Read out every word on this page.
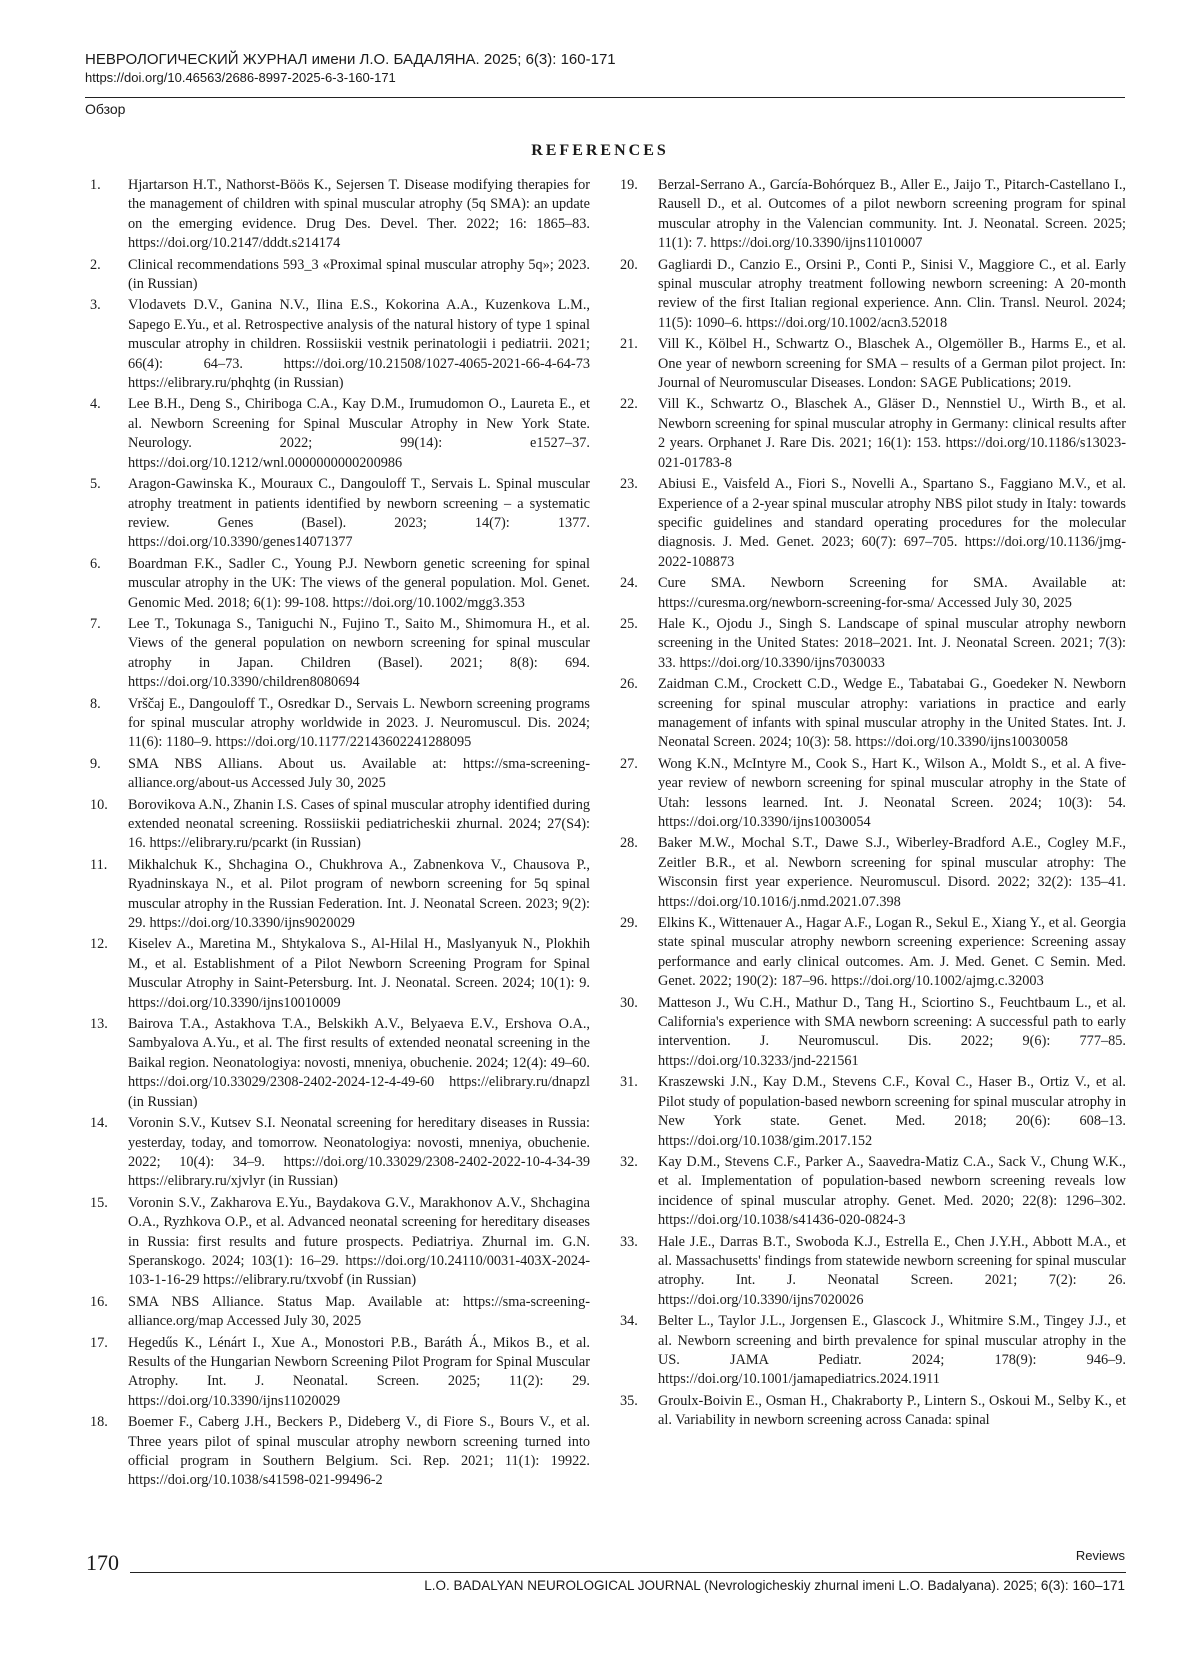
НЕВРОЛОГИЧЕСКИЙ ЖУРНАЛ имени Л.О. БАДАЛЯНА. 2025; 6(3): 160-171
https://doi.org/10.46563/2686-8997-2025-6-3-160-171
Обзор
REFERENCES
1.	Hjartarson H.T., Nathorst-Böös K., Sejersen T. Disease modifying therapies for the management of children with spinal muscular atrophy (5q SMA): an update on the emerging evidence. Drug Des. Devel. Ther. 2022; 16: 1865–83. https://doi.org/10.2147/dddt.s214174
2.	Clinical recommendations 593_3 «Proximal spinal muscular atrophy 5q»; 2023. (in Russian)
3.	Vlodavets D.V., Ganina N.V., Ilina E.S., Kokorina A.A., Kuzenkova L.M., Sapego E.Yu., et al. Retrospective analysis of the natural history of type 1 spinal muscular atrophy in children. Rossiiskii vestnik perinatologii i pediatrii. 2021; 66(4): 64–73. https://doi.org/10.21508/1027-4065-2021-66-4-64-73 https://elibrary.ru/phqhtg (in Russian)
4.	Lee B.H., Deng S., Chiriboga C.A., Kay D.M., Irumudomon O., Laureta E., et al. Newborn Screening for Spinal Muscular Atrophy in New York State. Neurology. 2022; 99(14): e1527–37. https://doi.org/10.1212/wnl.0000000000200986
5.	Aragon-Gawinska K., Mouraux C., Dangouloff T., Servais L. Spinal muscular atrophy treatment in patients identified by newborn screening – a systematic review. Genes (Basel). 2023; 14(7): 1377. https://doi.org/10.3390/genes14071377
6.	Boardman F.K., Sadler C., Young P.J. Newborn genetic screening for spinal muscular atrophy in the UK: The views of the general population. Mol. Genet. Genomic Med. 2018; 6(1): 99-108. https://doi.org/10.1002/mgg3.353
7.	Lee T., Tokunaga S., Taniguchi N., Fujino T., Saito M., Shimomura H., et al. Views of the general population on newborn screening for spinal muscular atrophy in Japan. Children (Basel). 2021; 8(8): 694. https://doi.org/10.3390/children8080694
8.	Vrščaj E., Dangouloff T., Osredkar D., Servais L. Newborn screening programs for spinal muscular atrophy worldwide in 2023. J. Neuromuscul. Dis. 2024; 11(6): 1180–9. https://doi.org/10.1177/22143602241288095
9.	SMA NBS Allians. About us. Available at: https://sma-screening-alliance.org/about-us Accessed July 30, 2025
10.	Borovikova A.N., Zhanin I.S. Cases of spinal muscular atrophy identified during extended neonatal screening. Rossiiskii pediatricheskii zhurnal. 2024; 27(S4): 16. https://elibrary.ru/pcarkt (in Russian)
11.	Mikhalchuk K., Shchagina O., Chukhrova A., Zabnenkova V., Chausova P., Ryadninskaya N., et al. Pilot program of newborn screening for 5q spinal muscular atrophy in the Russian Federation. Int. J. Neonatal Screen. 2023; 9(2): 29. https://doi.org/10.3390/ijns9020029
12.	Kiselev A., Maretina M., Shtykalova S., Al-Hilal H., Maslyanyuk N., Plokhih M., et al. Establishment of a Pilot Newborn Screening Program for Spinal Muscular Atrophy in Saint-Petersburg. Int. J. Neonatal. Screen. 2024; 10(1): 9. https://doi.org/10.3390/ijns10010009
13.	Bairova T.A., Astakhova T.A., Belskikh A.V., Belyaeva E.V., Ershova O.A., Sambyalova A.Yu., et al. The first results of extended neonatal screening in the Baikal region. Neonatologiya: novosti, mneniya, obuchenie. 2024; 12(4): 49–60. https://doi.org/10.33029/2308-2402-2024-12-4-49-60 https://elibrary.ru/dnapzl (in Russian)
14.	Voronin S.V., Kutsev S.I. Neonatal screening for hereditary diseases in Russia: yesterday, today, and tomorrow. Neonatologiya: novosti, mneniya, obuchenie. 2022; 10(4): 34–9. https://doi.org/10.33029/2308-2402-2022-10-4-34-39 https://elibrary.ru/xjvlyr (in Russian)
15.	Voronin S.V., Zakharova E.Yu., Baydakova G.V., Marakhonov A.V., Shchagina O.A., Ryzhkova O.P., et al. Advanced neonatal screening for hereditary diseases in Russia: first results and future prospects. Pediatriya. Zhurnal im. G.N. Speranskogo. 2024; 103(1): 16–29. https://doi.org/10.24110/0031-403X-2024-103-1-16-29 https://elibrary.ru/txvobf (in Russian)
16.	SMA NBS Alliance. Status Map. Available at: https://sma-screening-alliance.org/map Accessed July 30, 2025
17.	Hegedűs K., Lénárt I., Xue A., Monostori P.B., Baráth Á., Mikos B., et al. Results of the Hungarian Newborn Screening Pilot Program for Spinal Muscular Atrophy. Int. J. Neonatal. Screen. 2025; 11(2): 29. https://doi.org/10.3390/ijns11020029
18.	Boemer F., Caberg J.H., Beckers P., Dideberg V., di Fiore S., Bours V., et al. Three years pilot of spinal muscular atrophy newborn screening turned into official program in Southern Belgium. Sci. Rep. 2021; 11(1): 19922. https://doi.org/10.1038/s41598-021-99496-2
19.	Berzal-Serrano A., García-Bohórquez B., Aller E., Jaijo T., Pitarch-Castellano I., Rausell D., et al. Outcomes of a pilot newborn screening program for spinal muscular atrophy in the Valencian community. Int. J. Neonatal. Screen. 2025; 11(1): 7. https://doi.org/10.3390/ijns11010007
20.	Gagliardi D., Canzio E., Orsini P., Conti P., Sinisi V., Maggiore C., et al. Early spinal muscular atrophy treatment following newborn screening: A 20-month review of the first Italian regional experience. Ann. Clin. Transl. Neurol. 2024; 11(5): 1090–6. https://doi.org/10.1002/acn3.52018
21.	Vill K., Kölbel H., Schwartz O., Blaschek A., Olgemöller B., Harms E., et al. One year of newborn screening for SMA – results of a German pilot project. In: Journal of Neuromuscular Diseases. London: SAGE Publications; 2019.
22.	Vill K., Schwartz O., Blaschek A., Gläser D., Nennstiel U., Wirth B., et al. Newborn screening for spinal muscular atrophy in Germany: clinical results after 2 years. Orphanet J. Rare Dis. 2021; 16(1): 153. https://doi.org/10.1186/s13023-021-01783-8
23.	Abiusi E., Vaisfeld A., Fiori S., Novelli A., Spartano S., Faggiano M.V., et al. Experience of a 2-year spinal muscular atrophy NBS pilot study in Italy: towards specific guidelines and standard operating procedures for the molecular diagnosis. J. Med. Genet. 2023; 60(7): 697–705. https://doi.org/10.1136/jmg-2022-108873
24.	Cure SMA. Newborn Screening for SMA. Available at: https://curesma.org/newborn-screening-for-sma/ Accessed July 30, 2025
25.	Hale K., Ojodu J., Singh S. Landscape of spinal muscular atrophy newborn screening in the United States: 2018–2021. Int. J. Neonatal Screen. 2021; 7(3): 33. https://doi.org/10.3390/ijns7030033
26.	Zaidman C.M., Crockett C.D., Wedge E., Tabatabai G., Goedeker N. Newborn screening for spinal muscular atrophy: variations in practice and early management of infants with spinal muscular atrophy in the United States. Int. J. Neonatal Screen. 2024; 10(3): 58. https://doi.org/10.3390/ijns10030058
27.	Wong K.N., McIntyre M., Cook S., Hart K., Wilson A., Moldt S., et al. A five-year review of newborn screening for spinal muscular atrophy in the State of Utah: lessons learned. Int. J. Neonatal Screen. 2024; 10(3): 54. https://doi.org/10.3390/ijns10030054
28.	Baker M.W., Mochal S.T., Dawe S.J., Wiberley-Bradford A.E., Cogley M.F., Zeitler B.R., et al. Newborn screening for spinal muscular atrophy: The Wisconsin first year experience. Neuromuscul. Disord. 2022; 32(2): 135–41. https://doi.org/10.1016/j.nmd.2021.07.398
29.	Elkins K., Wittenauer A., Hagar A.F., Logan R., Sekul E., Xiang Y., et al. Georgia state spinal muscular atrophy newborn screening experience: Screening assay performance and early clinical outcomes. Am. J. Med. Genet. C Semin. Med. Genet. 2022; 190(2): 187–96. https://doi.org/10.1002/ajmg.c.32003
30.	Matteson J., Wu C.H., Mathur D., Tang H., Sciortino S., Feuchtbaum L., et al. California's experience with SMA newborn screening: A successful path to early intervention. J. Neuromuscul. Dis. 2022; 9(6): 777–85. https://doi.org/10.3233/jnd-221561
31.	Kraszewski J.N., Kay D.M., Stevens C.F., Koval C., Haser B., Ortiz V., et al. Pilot study of population-based newborn screening for spinal muscular atrophy in New York state. Genet. Med. 2018; 20(6): 608–13. https://doi.org/10.1038/gim.2017.152
32.	Kay D.M., Stevens C.F., Parker A., Saavedra-Matiz C.A., Sack V., Chung W.K., et al. Implementation of population-based newborn screening reveals low incidence of spinal muscular atrophy. Genet. Med. 2020; 22(8): 1296–302. https://doi.org/10.1038/s41436-020-0824-3
33.	Hale J.E., Darras B.T., Swoboda K.J., Estrella E., Chen J.Y.H., Abbott M.A., et al. Massachusetts' findings from statewide newborn screening for spinal muscular atrophy. Int. J. Neonatal Screen. 2021; 7(2): 26. https://doi.org/10.3390/ijns7020026
34.	Belter L., Taylor J.L., Jorgensen E., Glascock J., Whitmire S.M., Tingey J.J., et al. Newborn screening and birth prevalence for spinal muscular atrophy in the US. JAMA Pediatr. 2024; 178(9): 946–9. https://doi.org/10.1001/jamapediatrics.2024.1911
35.	Groulx-Boivin E., Osman H., Chakraborty P., Lintern S., Oskoui M., Selby K., et al. Variability in newborn screening across Canada: spinal
170	Reviews
L.O. BADALYAN NEUROLOGICAL JOURNAL (Nevrologicheskiy zhurnal imeni L.O. Badalyana). 2025; 6(3): 160–171
